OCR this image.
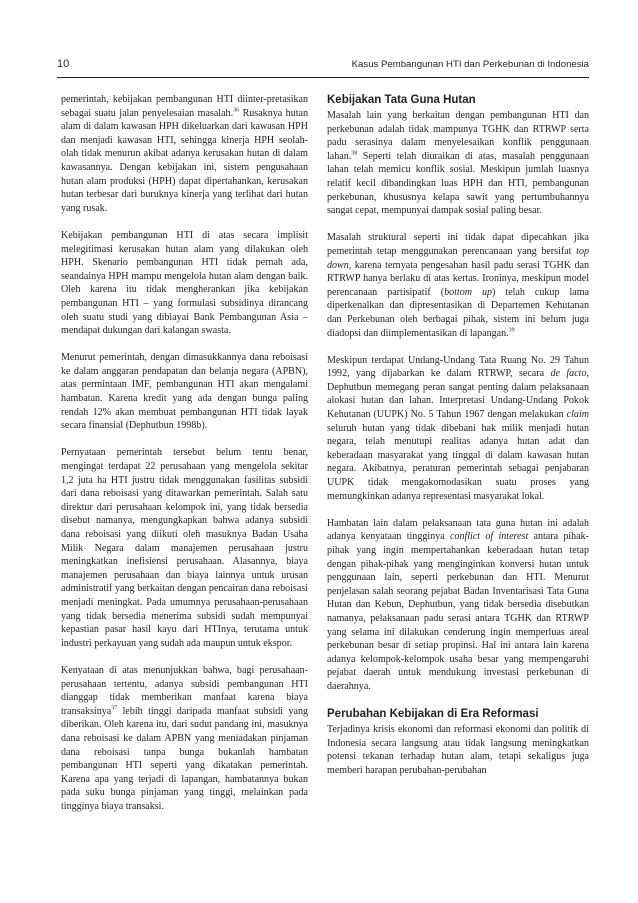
10	Kasus Pembangunan HTI dan Perkebunan di Indonesia

pemerintah, kebijakan pembangunan HTI diinter-pretasikan sebagai suatu jalan penyelesaian masalah.$^{36}$ Rusaknya hutan alam di dalam kawasan HPH dikeluarkan dari kawasan HPH dan menjadi kawasan HTI, sehingga kinerja HPH seolah-olah tidak menurun akibat adanya kerusakan hutan di dalam kawasannya. Dengan kebijakan ini, sistem pengusahaan hutan alam produksi (HPH) dapat dipertahankan, kerusakan hutan terbesar dari buruknya kinerja yang terlihat dari hutan yang rusak.

Kebijakan pembangunan HTI di atas secara implisit melegitimasi kerusakan hutan alam yang dilakukan oleh HPH. Skenario pembangunan HTI tidak pernah ada, seandainya HPH mampu mengelola hutan alam dengan baik. Oleh karena itu tidak mengherankan jika kebijakan pembangunan HTI – yang formulasi subsidinya dirancang oleh suatu studi yang dibiayai Bank Pembangunan Asia – mendapat dukungan dari kalangan swasta.

Menurut pemerintah, dengan dimasukkannya dana reboisasi ke dalam anggaran pendapatan dan belanja negara (APBN), atas permintaan IMF, pembangunan HTI akan mengalami hambatan. Karena kredit yang ada dengan bunga paling rendah 12% akan membuat pembangunan HTI tidak layak secara finansial (Dephutbun 1998b).

Pernyataan pemerintah tersebut belum tentu benar, mengingat terdapat 22 perusahaan yang mengelola sekitar 1,2 juta ha HTI justru tidak menggunakan fasilitas subsidi dari dana reboisasi yang ditawarkan pemerintah. Salah satu direktur dari perusahaan kelompok ini, yang tidak bersedia disebut namanya, mengungkapkan bahwa adanya subsidi dana reboisasi yang diikuti oleh masuknya Badan Usaha Milik Negara dalam manajemen perusahaan justru meningkatkan inefisiensi perusahaan. Alasannya, biaya manajemen perusahaan dan biaya lainnya untuk urusan administratif yang berkaitan dengan pencairan dana reboisasi menjadi meningkat. Pada umumnya perusahaan-perusahaan yang tidak bersedia menerima subsidi sudah mempunyai kepastian pasar hasil kayu dari HTInya, terutama untuk industri perkayuan yang sudah ada maupun untuk ekspor.

Kenyataan di atas menunjukkan bahwa, bagi perusahaan-perusahaan tertentu, adanya subsidi pembangunan HTI dianggap tidak memberikan manfaat karena biaya transaksinya$^{37}$ lebih tinggi daripada manfaat subsidi yang diberikan. Oleh karena itu, dari sudut pandang ini, masuknya dana reboisasi ke dalam APBN yang meniadakan pinjaman dana reboisasi tanpa bunga bukanlah hambatan pembangunan HTI seperti yang dikatakan pemerintah. Karena apa yang terjadi di lapangan, hambatannya bukan pada suku bunga pinjaman yang tinggi, melainkan pada tingginya biaya transaksi.

Kebijakan Tata Guna Hutan

Masalah lain yang berkaitan dengan pembangunan HTI dan perkebunan adalah tidak mampunya TGHK dan RTRWP serta padu serasinya dalam menyelesaikan konflik penggunaan lahan.$^{38}$ Seperti telah diuraikan di atas, masalah penggunaan lahan telah memicu konflik sosial. Meskipun jumlah luasnya relatif kecil dibandingkan luas HPH dan HTI, pembangunan perkebunan, khususnya kelapa sawit yang pertumbuhannya sangat cepat, mempunyai dampak sosial paling besar.

Masalah struktural seperti ini tidak dapat dipecahkan jika pemerintah tetap menggunakan perencanaan yang bersifat top down, karena ternyata pengesahan hasil padu serasi TGHK dan RTRWP hanya berlaku di atas kertas. Ironinya, meskipun model perencanaan partisipatif (bottom up) telah cukup lama diperkenalkan dan dipresentasikan di Departemen Kehutanan dan Perkebunan oleh berbagai pihak, sistem ini belum juga diadopsi dan diimplementasikan di lapangan.$^{39}$

Meskipun terdapat Undang-Undang Tata Ruang No. 29 Tahun 1992, yang dijabarkan ke dalam RTRWP, secara de facto, Dephutbun memegang peran sangat penting dalam pelaksanaan alokasi hutan dan lahan. Interpretasi Undang-Undang Pokok Kehutanan (UUPK) No. 5 Tahun 1967 dengan melakukan claim seluruh hutan yang tidak dibebani hak milik menjadi hutan negara, telah menutupi realitas adanya hutan adat dan keberadaan masyarakat yang tinggal di dalam kawasan hutan negara. Akibatnya, peraturan pemerintah sebagai penjabaran UUPK tidak mengakomodasikan suatu proses yang memungkinkan adanya representasi masyarakat lokal.

Hambatan lain dalam pelaksanaan tata guna hutan ini adalah adanya kenyataan tingginya conflict of interest antara pihak-pihak yang ingin mempertahankan keberadaan hutan tetap dengan pihak-pihak yang menginginkan konversi hutan untuk penggunaan lain, seperti perkebunan dan HTI. Menurut penjelasan salah seorang pejabat Badan Inventarisasi Tata Guna Hutan dan Kebun, Dephutbun, yang tidak bersedia disebutkan namanya, pelaksanaan padu serasi antara TGHK dan RTRWP yang selama ini dilakukan cenderung ingin memperluas areal perkebunan besar di setiap propinsi. Hal ini antara lain karena adanya kelompok-kelompok usaha besar yang mempengaruhi pejabat daerah untuk mendukung investasi perkebunan di daerahnya.

Perubahan Kebijakan di Era Reformasi

Terjadinya krisis ekonomi dan reformasi ekonomi dan politik di Indonesia secara langsung atau tidak langsung meningkatkan potensi tekanan terhadap hutan alam, tetapi sekaligus juga memberi harapan perubahan-perubahan
